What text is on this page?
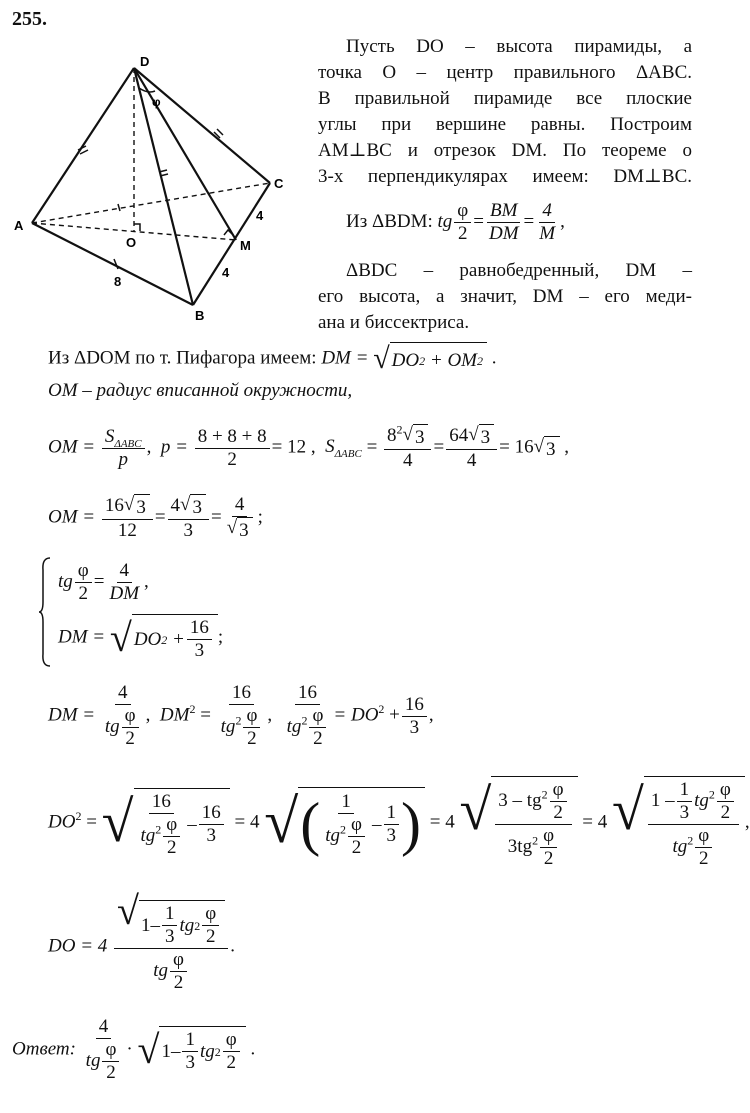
255.
D
A
B
C
O	M
φ
8
4
4
Пусть DO – высота пирамиды, а
точка O – центр правильного ΔABC.
В правильной пирамиде все плоские
углы при вершине равны. Построим
AM⊥BC и отрезок DM. По теореме о
3-х перпендикулярах имеем: DM⊥BC.
Из ΔBDM: tg $\frac{\varphi}{2} = \frac{BM}{DM} = \frac{4}{M}$ ,
ΔBDC – равнобедренный, DM –
его высота, а значит, DM – его меди-
ана и биссектриса.
Из ΔDOM по т. Пифагора имеем: DM = √ DO 2
+
OM 2 .
OM – радиус вписанной окружности,
OM = $\frac{S_{\Delta ABC}}{p}$ , $p = \frac{8 + 8 + 8}{2} = 12$ , $S_{\Delta ABC} = \frac{8^2 √ 3}{4} = \frac{64 √ 3}{4} = 16$ √ 3 ,
OM = $\frac{16 √ 3}{12} = \frac{4 √ 3}{3} = \frac{4}{√ 3}$ ;
tg $\frac{\varphi}{2} = \frac{4}{DM}$ ,
DM = √ DO 2
+ $\frac{16}{3}$ ;
DM = $\frac{4}{tg \frac{\varphi}{2}}$ , $DM^2 = \frac{16}{tg^2 \frac{\varphi}{2}}$ , $\frac{16}{tg^2 \frac{\varphi}{2}} = DO^2 + \frac{16}{3}$ ,
$DO^2$ = √ $\frac{16}{tg^2 \frac{\varphi}{2}} - \frac{16}{3} = 4$ √ ( $\frac{1}{tg^2 \frac{\varphi}{2}} - \frac{1}{3}$ ) = 4 √ $\frac{3 - tg^2 \frac{\varphi}{2}}{3tg^2 \frac{\varphi}{2}} = 4$ √ $\frac{1 - \frac{1}{3} tg^2 \frac{\varphi}{2}}{tg^2 \frac{\varphi}{2}}$ ,
DO = $4 \frac{√ 1 - \frac{1}{3} tg 2 \frac{\varphi}{2}}{tg \frac{\varphi}{2}}$ .
Ответ: $\frac{4}{tg \frac{\varphi}{2}}$ · √ $1 - \frac{1}{3}$ tg $2 \frac{\varphi}{2}$ .
